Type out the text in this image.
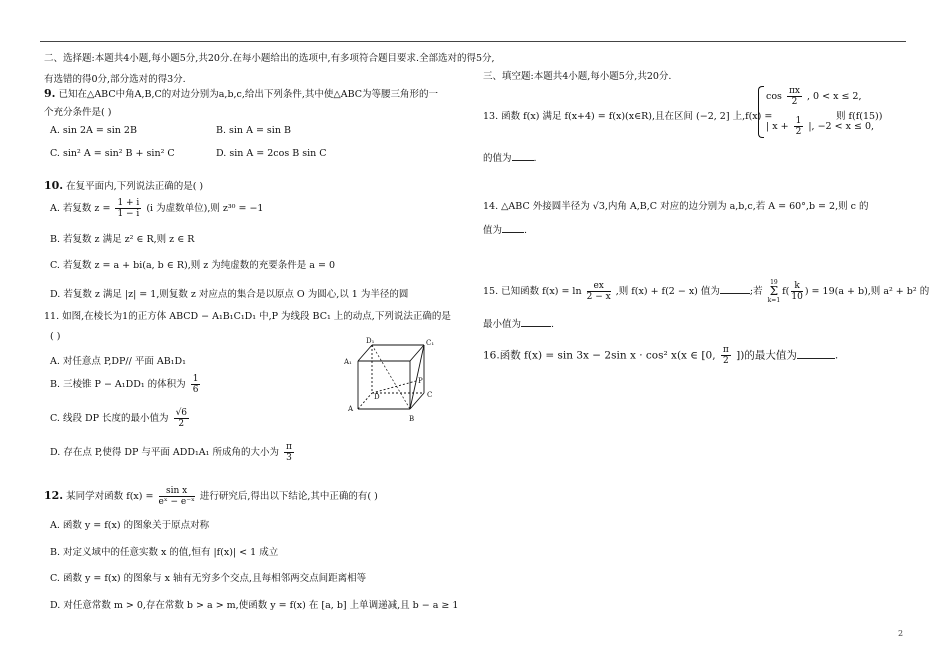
二、选择题:本题共4小题,每小题5分,共20分.在每小题给出的选项中,有多项符合题目要求.全部选对的得5分,
有选错的得0分,部分选对的得3分.
9. 已知在△ABC中角A,B,C的对边分别为a,b,c,给出下列条件,其中使△ABC为等腰三角形的一
个充分条件是( )
A. sin 2A = sin 2B	B. sin A = sin B
C. sin² A = sin² B + sin² C	D. sin A = 2cos B sin C
10. 在复平面内,下列说法正确的是( )
A. 若复数 $z = \frac{1 + i}{1 - i} (i$ 为虚数单位),则 z³⁰ = −1
B. 若复数 z 满足 z² ∈ R,则 z ∈ R
C. 若复数 z = a + bi(a, b ∈ R),则 z 为纯虚数的充要条件是 a = 0
D. 若复数 z 满足 |z| = 1,则复数 z 对应点的集合是以原点 O 为圆心,以 1 为半径的圆
11. 如图,在棱长为1的正方体 ABCD − A₁B₁C₁D₁ 中,P 为线段 BC₁ 上的动点,下列说法正确的是
( )
A. 对任意点 P,DP// 平面 AB₁D₁
B. 三棱锥 P − A₁DD₁ 的体积为 $\frac{1}{6}$
C. 线段 DP 长度的最小值为 $\frac{√6}{2}$
D. 存在点 P,使得 DP 与平面 ADD₁A₁ 所成角的大小为 $\frac{\pi}{3}$
D₁	C₁
A₁
P
D	C
A
B
12. 某同学对函数 $f(x) = \frac{\text{sin x}}{\text{eˣ − e⁻ˣ}}$ 进行研究后,得出以下结论,其中正确的有( )
A. 函数 y = f(x) 的图象关于原点对称
B. 对定义域中的任意实数 x 的值,恒有 |f(x)| < 1 成立
C. 函数 y = f(x) 的图象与 x 轴有无穷多个交点,且每相邻两交点间距离相等
D. 对任意常数 m > 0,存在常数 b > a > m,使函数 y = f(x) 在 [a, b] 上单调递减,且 b − a ≥ 1
三、填空题:本题共4小题,每小题5分,共20分.
13. 函数 f(x) 满足 f(x+4) = f(x)(x∈R),且在区间 (−2, 2] 上,f(x) =
$\cos \frac{\pi x}{2}$ , 0 < x ≤ 2,
| $x + \frac{1}{2}$ |, −2 < x ≤ 0,
则 f(f(15))
的值为 .
14. △ABC 外接圆半径为 √3,内角 A,B,C 对应的边分别为 a,b,c,若 A = 60°,b = 2,则 c 的
值为 .
15. 已知函数 $f(x) = \ln \frac{ex}{2 - x}$ ,则 f(x) + f(2 − x) 值为	;若
19
Σ
k=1
$f( \frac{k}{10}$ ) = 19(a + b),则 a² + b² 的
最小值为	.
16.函数 f(x) = sin 3x − 2sin x · cos² x(x ∈ [0, $\frac{\pi}{2}$ ])的最大值为	.
2
